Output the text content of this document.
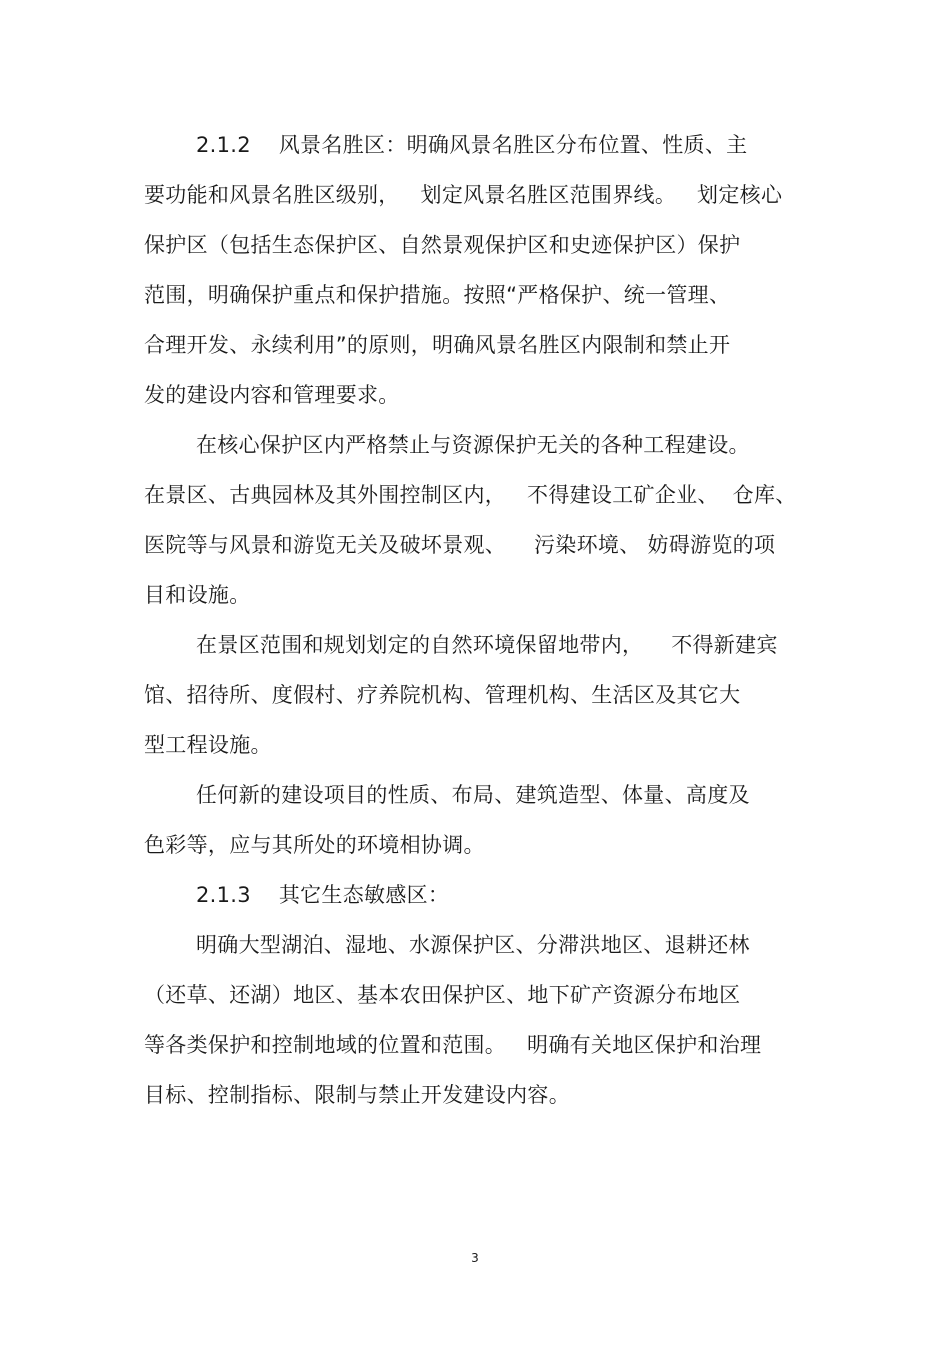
2.1.2    风景名胜区：明确风景名胜区分布位置、性质、主
要功能和风景名胜区级别，   划定风景名胜区范围界线。   划定核心
保护区（包括生态保护区、自然景观保护区和史迹保护区）保护
范围，明确保护重点和保护措施。按照“严格保护、统一管理、
合理开发、永续利用”的原则，明确风景名胜区内限制和禁止开
发的建设内容和管理要求。
在核心保护区内严格禁止与资源保护无关的各种工程建设。
在景区、古典园林及其外围控制区内，   不得建设工矿企业、  仓库、
医院等与风景和游览无关及破坏景观、    污染环境、 妨碍游览的项
目和设施。
在景区范围和规划划定的自然环境保留地带内，    不得新建宾
馆、招待所、度假村、疗养院机构、管理机构、生活区及其它大
型工程设施。
任何新的建设项目的性质、布局、建筑造型、体量、高度及
色彩等，应与其所处的环境相协调。
2.1.3    其它生态敏感区：
明确大型湖泊、湿地、水源保护区、分滞洪地区、退耕还林
（还草、还湖）地区、基本农田保护区、地下矿产资源分布地区
等各类保护和控制地域的位置和范围。   明确有关地区保护和治理
目标、控制指标、限制与禁止开发建设内容。
3
